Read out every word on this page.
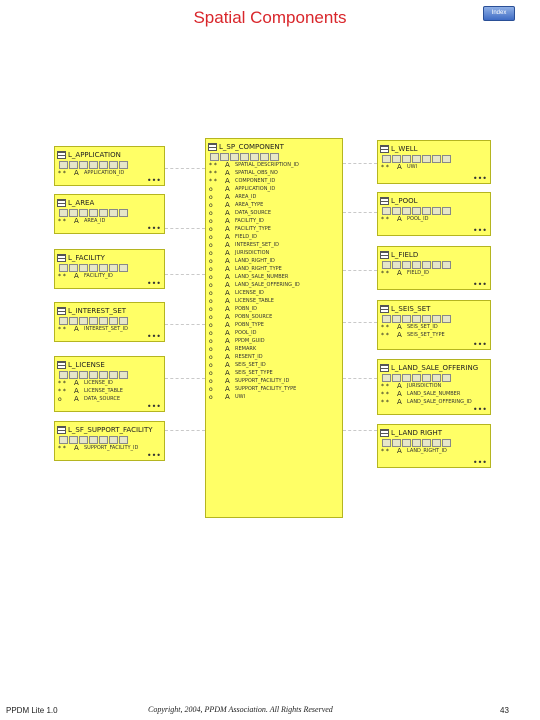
Spatial Components	Index
L_APPLICATION
* *	A	APPLICATION_ID
•••
L_AREA
* *	A	AREA_ID
•••
L_FACILITY
* *	A	FACILITY_ID
•••
L_INTEREST_SET
* *	A	INTEREST_SET_ID
•••
L_LICENSE
* *	A	LICENSE_ID
* *	A	LICENSE_TABLE
o	A	DATA_SOURCE
•••
L_SF_SUPPORT_FACILITY
* *	A	SUPPORT_FACILITY_ID
•••
L_SP_COMPONENT
* *	A	SPATIAL_DESCRIPTION_ID
* *	A	SPATIAL_OBS_NO
* *	A	COMPONENT_ID
o	A	APPLICATION_ID
o	A	AREA_ID
o	A	AREA_TYPE
o	A	DATA_SOURCE
o	A	FACILITY_ID
o	A	FACILITY_TYPE
o	A	FIELD_ID
o	A	INTEREST_SET_ID
o	A	JURISDICTION
o	A	LAND_RIGHT_ID
o	A	LAND_RIGHT_TYPE
o	A	LAND_SALE_NUMBER
o	A	LAND_SALE_OFFERING_ID
o	A	LICENSE_ID
o	A	LICENSE_TABLE
o	A	POBN_ID
o	A	POBN_SOURCE
o	A	POBN_TYPE
o	A	POOL_ID
o	A	PPDM_GUID
o	A	REMARK
o	A	RESENT_ID
o	A	SEIS_SET_ID
o	A	SEIS_SET_TYPE
o	A	SUPPORT_FACILITY_ID
o	A	SUPPORT_FACILITY_TYPE
o	A	UWI
L_WELL
* *	A	UWI
•••
L_POOL
* *	A	POOL_ID
•••
L_FIELD
* *	A	FIELD_ID
•••
L_SEIS_SET
* *	A	SEIS_SET_ID
* *	A	SEIS_SET_TYPE
•••
L_LAND_SALE_OFFERING
* *	A	JURISDICTION
* *	A	LAND_SALE_NUMBER
* *	A	LAND_SALE_OFFERING_ID
•••
L_LAND RIGHT
* *	A	LAND_RIGHT_ID
•••
PPDM Lite 1.0	Copyright, 2004, PPDM Association. All Rights Reserved	43
